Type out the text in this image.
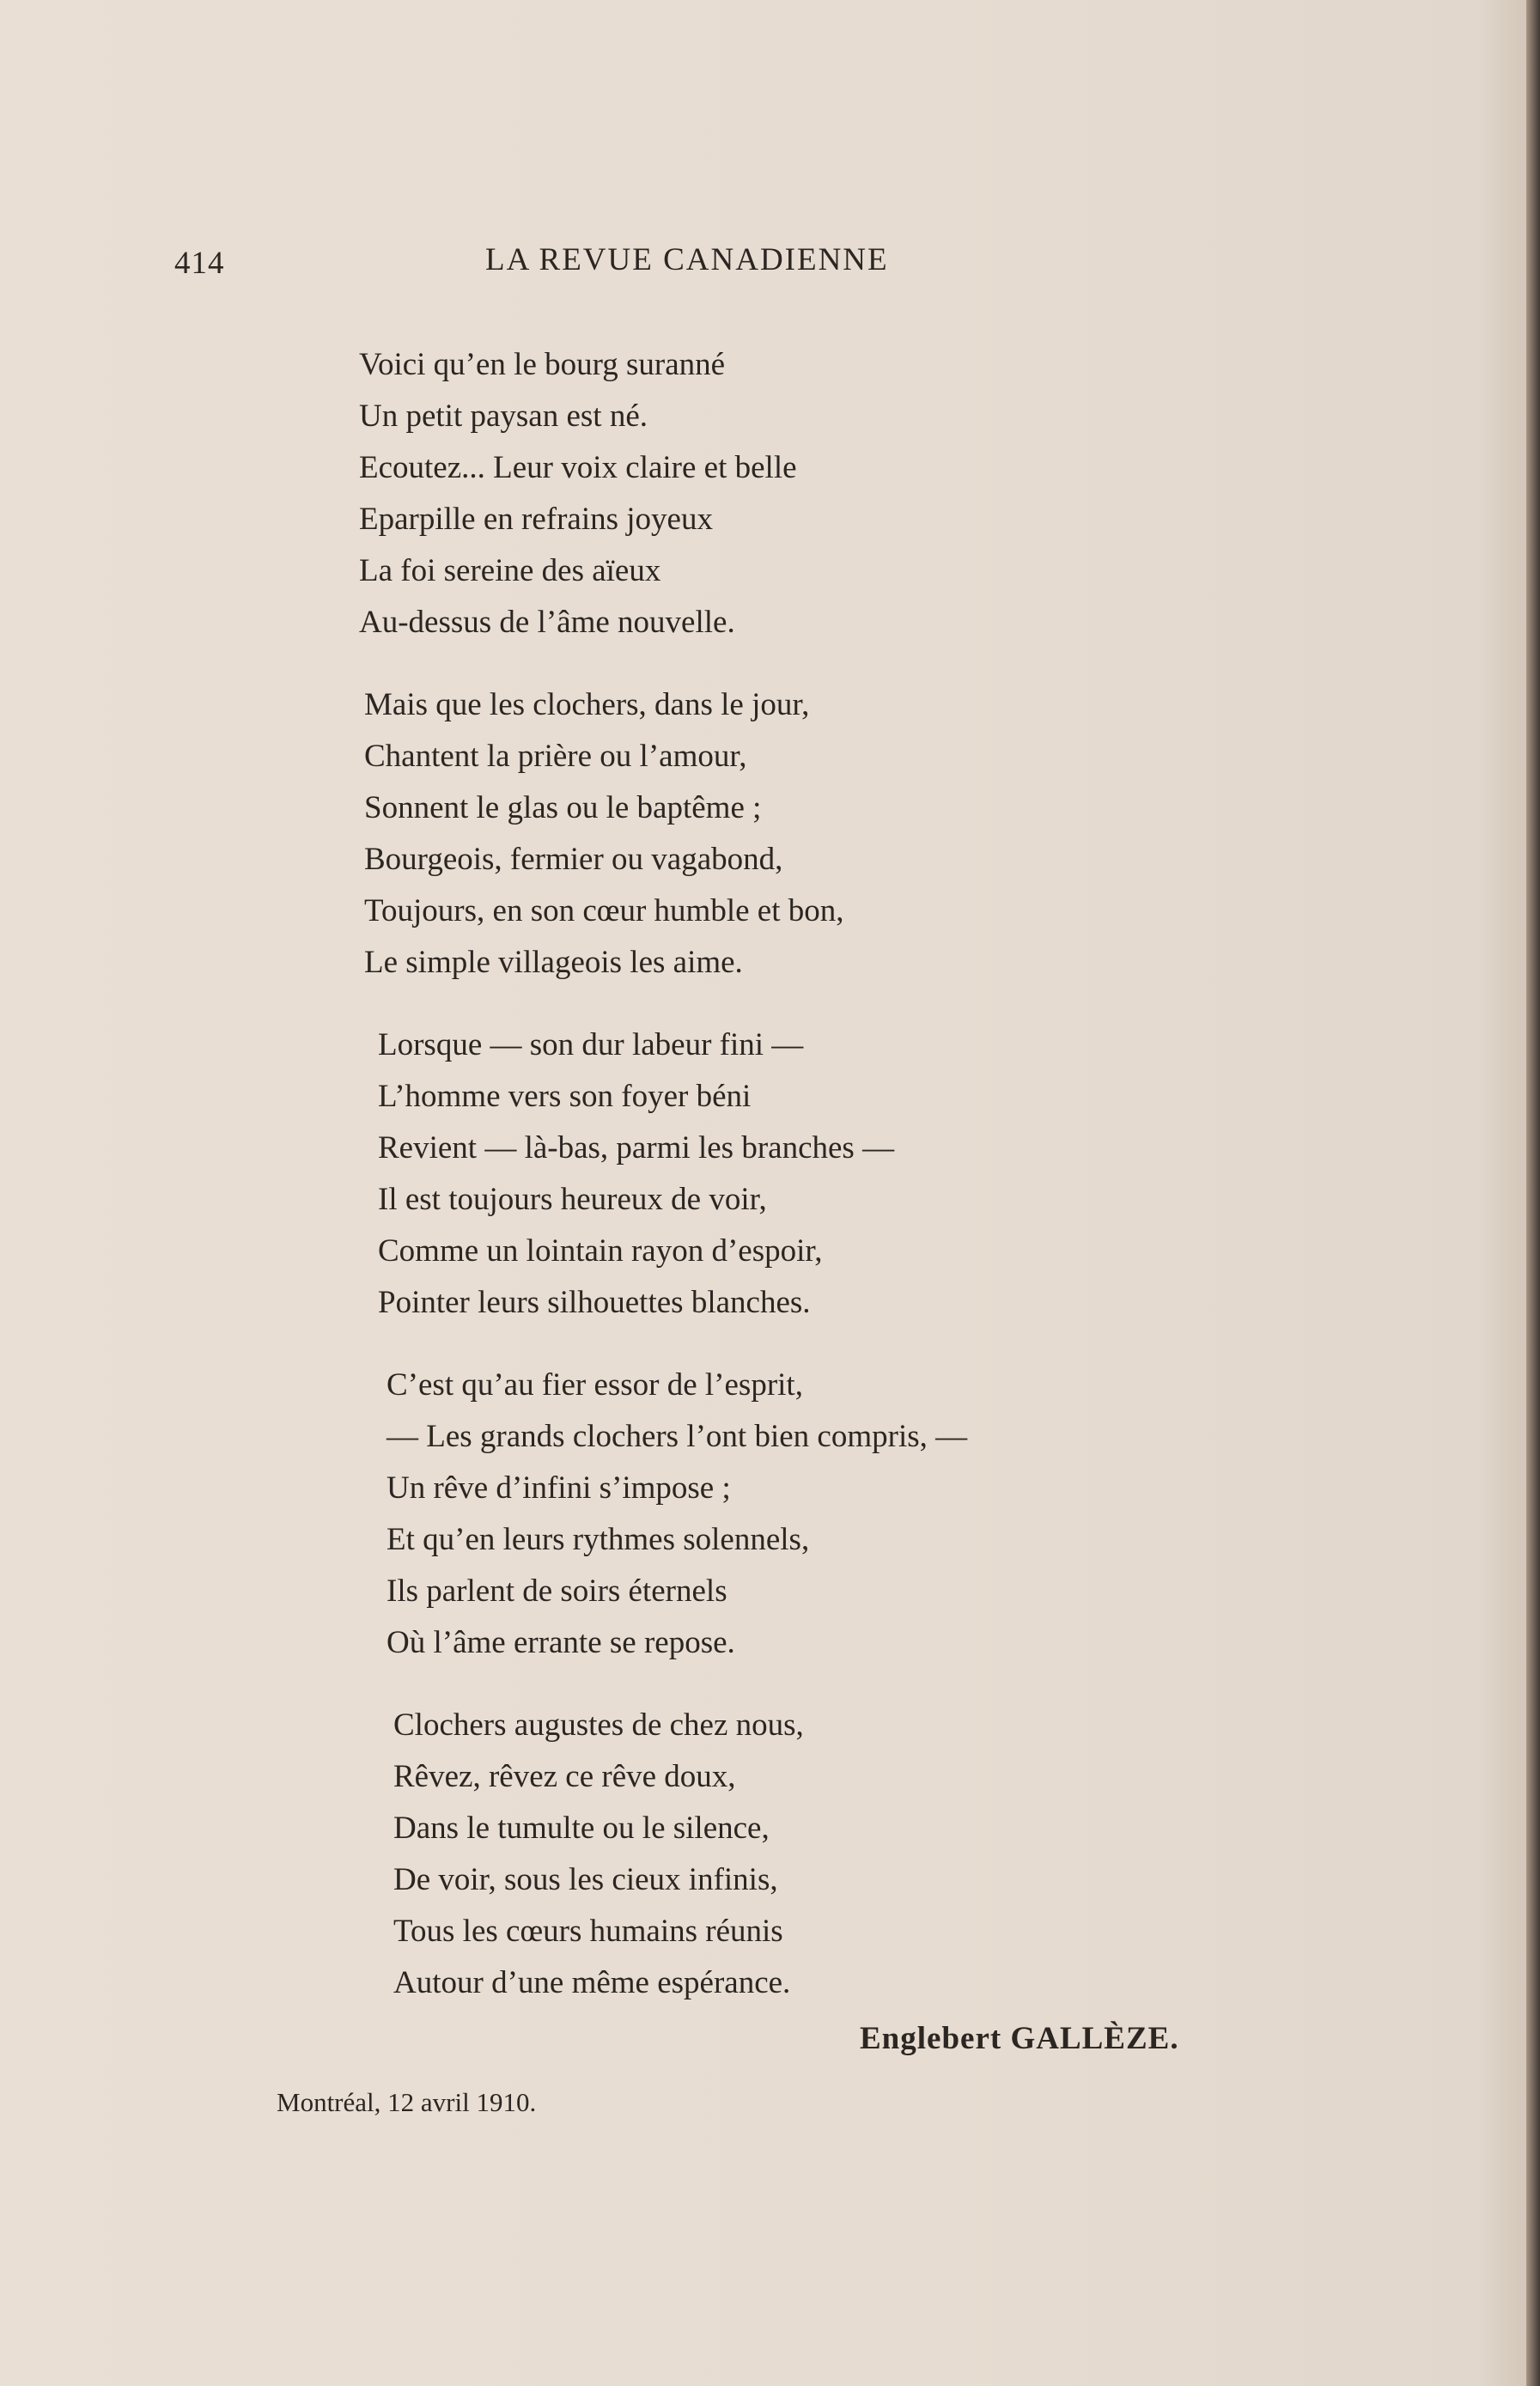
414	LA REVUE CANADIENNE
Voici qu’en le bourg suranné
Un petit paysan est né.
Ecoutez... Leur voix claire et belle
Eparpille en refrains joyeux
La foi sereine des aïeux
Au-dessus de l’âme nouvelle.
Mais que les clochers, dans le jour,
Chantent la prière ou l’amour,
Sonnent le glas ou le baptême ;
Bourgeois, fermier ou vagabond,
Toujours, en son cœur humble et bon,
Le simple villageois les aime.
Lorsque — son dur labeur fini —
L’homme vers son foyer béni
Revient — là-bas, parmi les branches —
Il est toujours heureux de voir,
Comme un lointain rayon d’espoir,
Pointer leurs silhouettes blanches.
C’est qu’au fier essor de l’esprit,
— Les grands clochers l’ont bien compris, —
Un rêve d’infini s’impose ;
Et qu’en leurs rythmes solennels,
Ils parlent de soirs éternels
Où l’âme errante se repose.
Clochers augustes de chez nous,
Rêvez, rêvez ce rêve doux,
Dans le tumulte ou le silence,
De voir, sous les cieux infinis,
Tous les cœurs humains réunis
Autour d’une même espérance.
Englebert GALLÈZE.
Montréal, 12 avril 1910.
